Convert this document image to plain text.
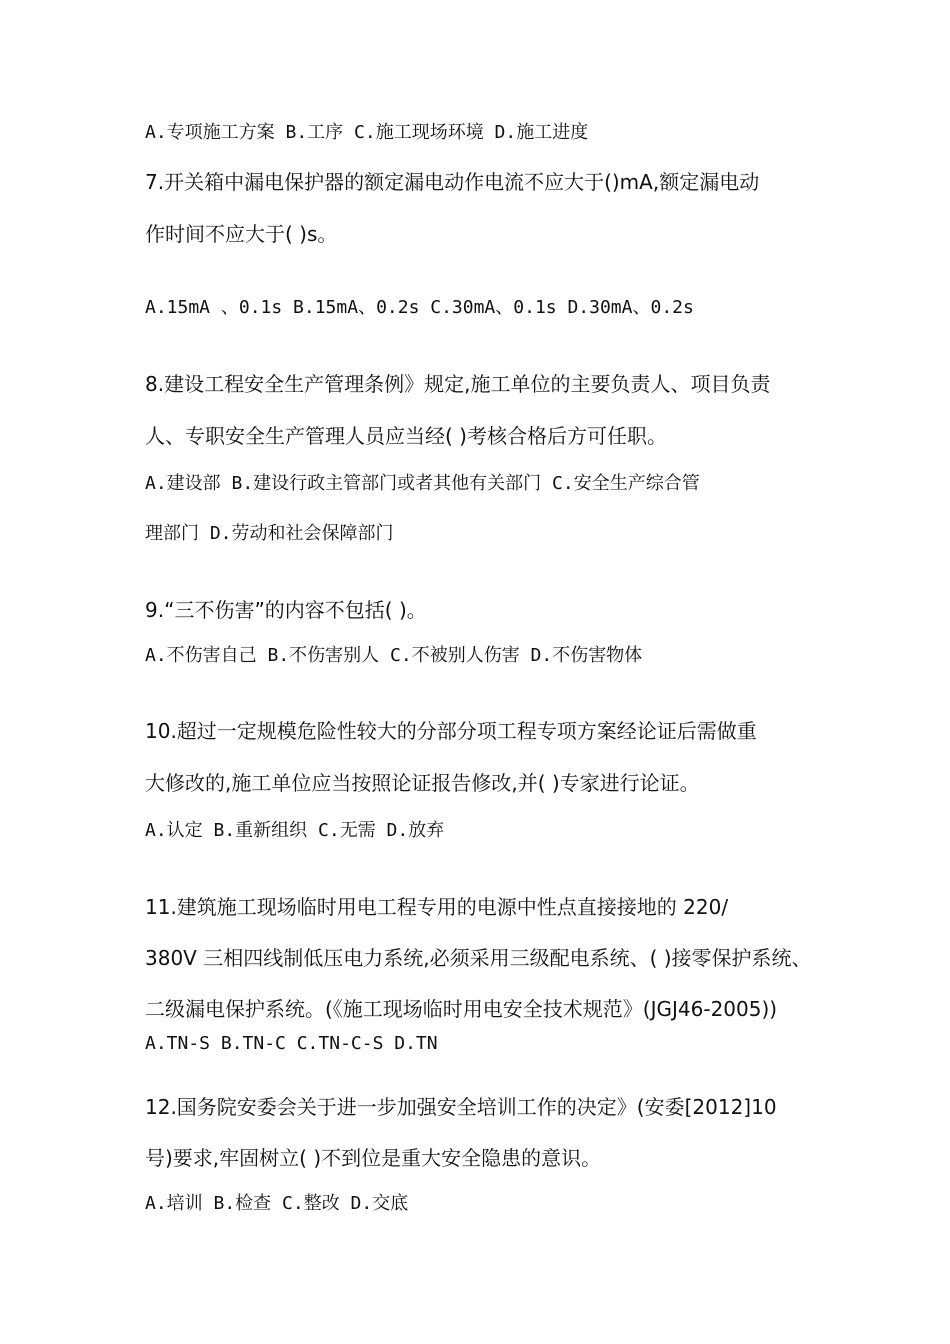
A.专项施工方案 B.工序 C.施工现场环境 D.施工进度
7.开关箱中漏电保护器的额定漏电动作电流不应大于()mA,额定漏电动
作时间不应大于( )s。
A.15mA 、0.1s B.15mA、0.2s C.30mA、0.1s D.30mA、0.2s
8.建设工程安全生产管理条例》规定,施工单位的主要负责人、项目负责
人、专职安全生产管理人员应当经( )考核合格后方可任职。
A.建设部 B.建设行政主管部门或者其他有关部门 C.安全生产综合管
理部门 D.劳动和社会保障部门
9.“三不伤害”的内容不包括( )。
A.不伤害自己 B.不伤害别人 C.不被别人伤害 D.不伤害物体
10.超过一定规模危险性较大的分部分项工程专项方案经论证后需做重
大修改的,施工单位应当按照论证报告修改,并( )专家进行论证。
A.认定 B.重新组织 C.无需 D.放弃
11.建筑施工现场临时用电工程专用的电源中性点直接接地的 220/
380V 三相四线制低压电力系统,必须采用三级配电系统、( )接零保护系统、
二级漏电保护系统。(《施工现场临时用电安全技术规范》(JGJ46-2005))
A.TN-S B.TN-C C.TN-C-S D.TN
12.国务院安委会关于进一步加强安全培训工作的决定》(安委[2012]10
号)要求,牢固树立( )不到位是重大安全隐患的意识。
A.培训 B.检查 C.整改 D.交底
